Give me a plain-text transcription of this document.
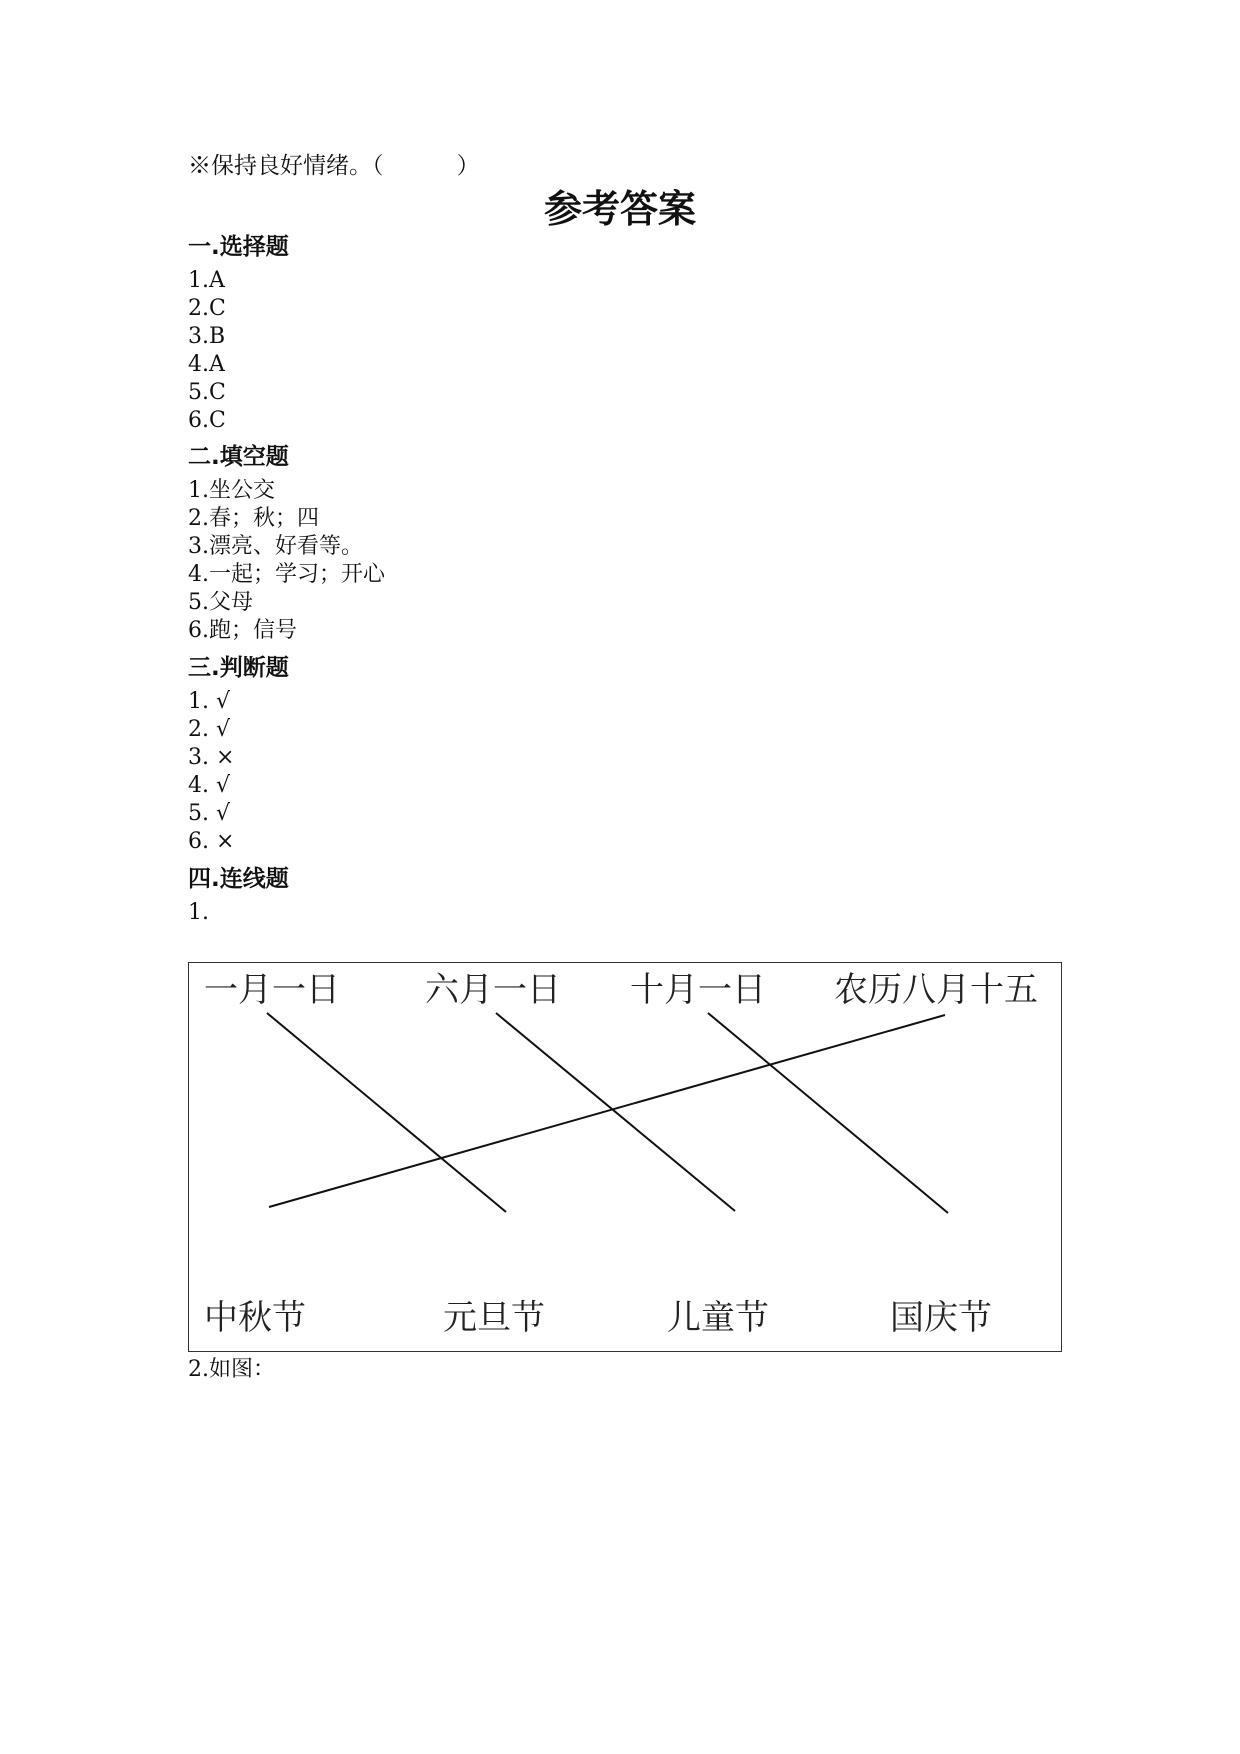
※保持良好情绪。（          ）
参考答案
一.选择题
1.A
2.C
3.B
4.A
5.C
6.C
二.填空题
1.坐公交
2.春；秋；四
3.漂亮、好看等。
4.一起；学习；开心
5.父母
6.跑；信号
三.判断题
1. √
2. √
3. ×
4. √
5. √
6. ×
四.连线题
1.
一月一日	六月一日 十月一日 农历八月十五
中秋节	元旦节	儿童节	国庆节
2.如图：
